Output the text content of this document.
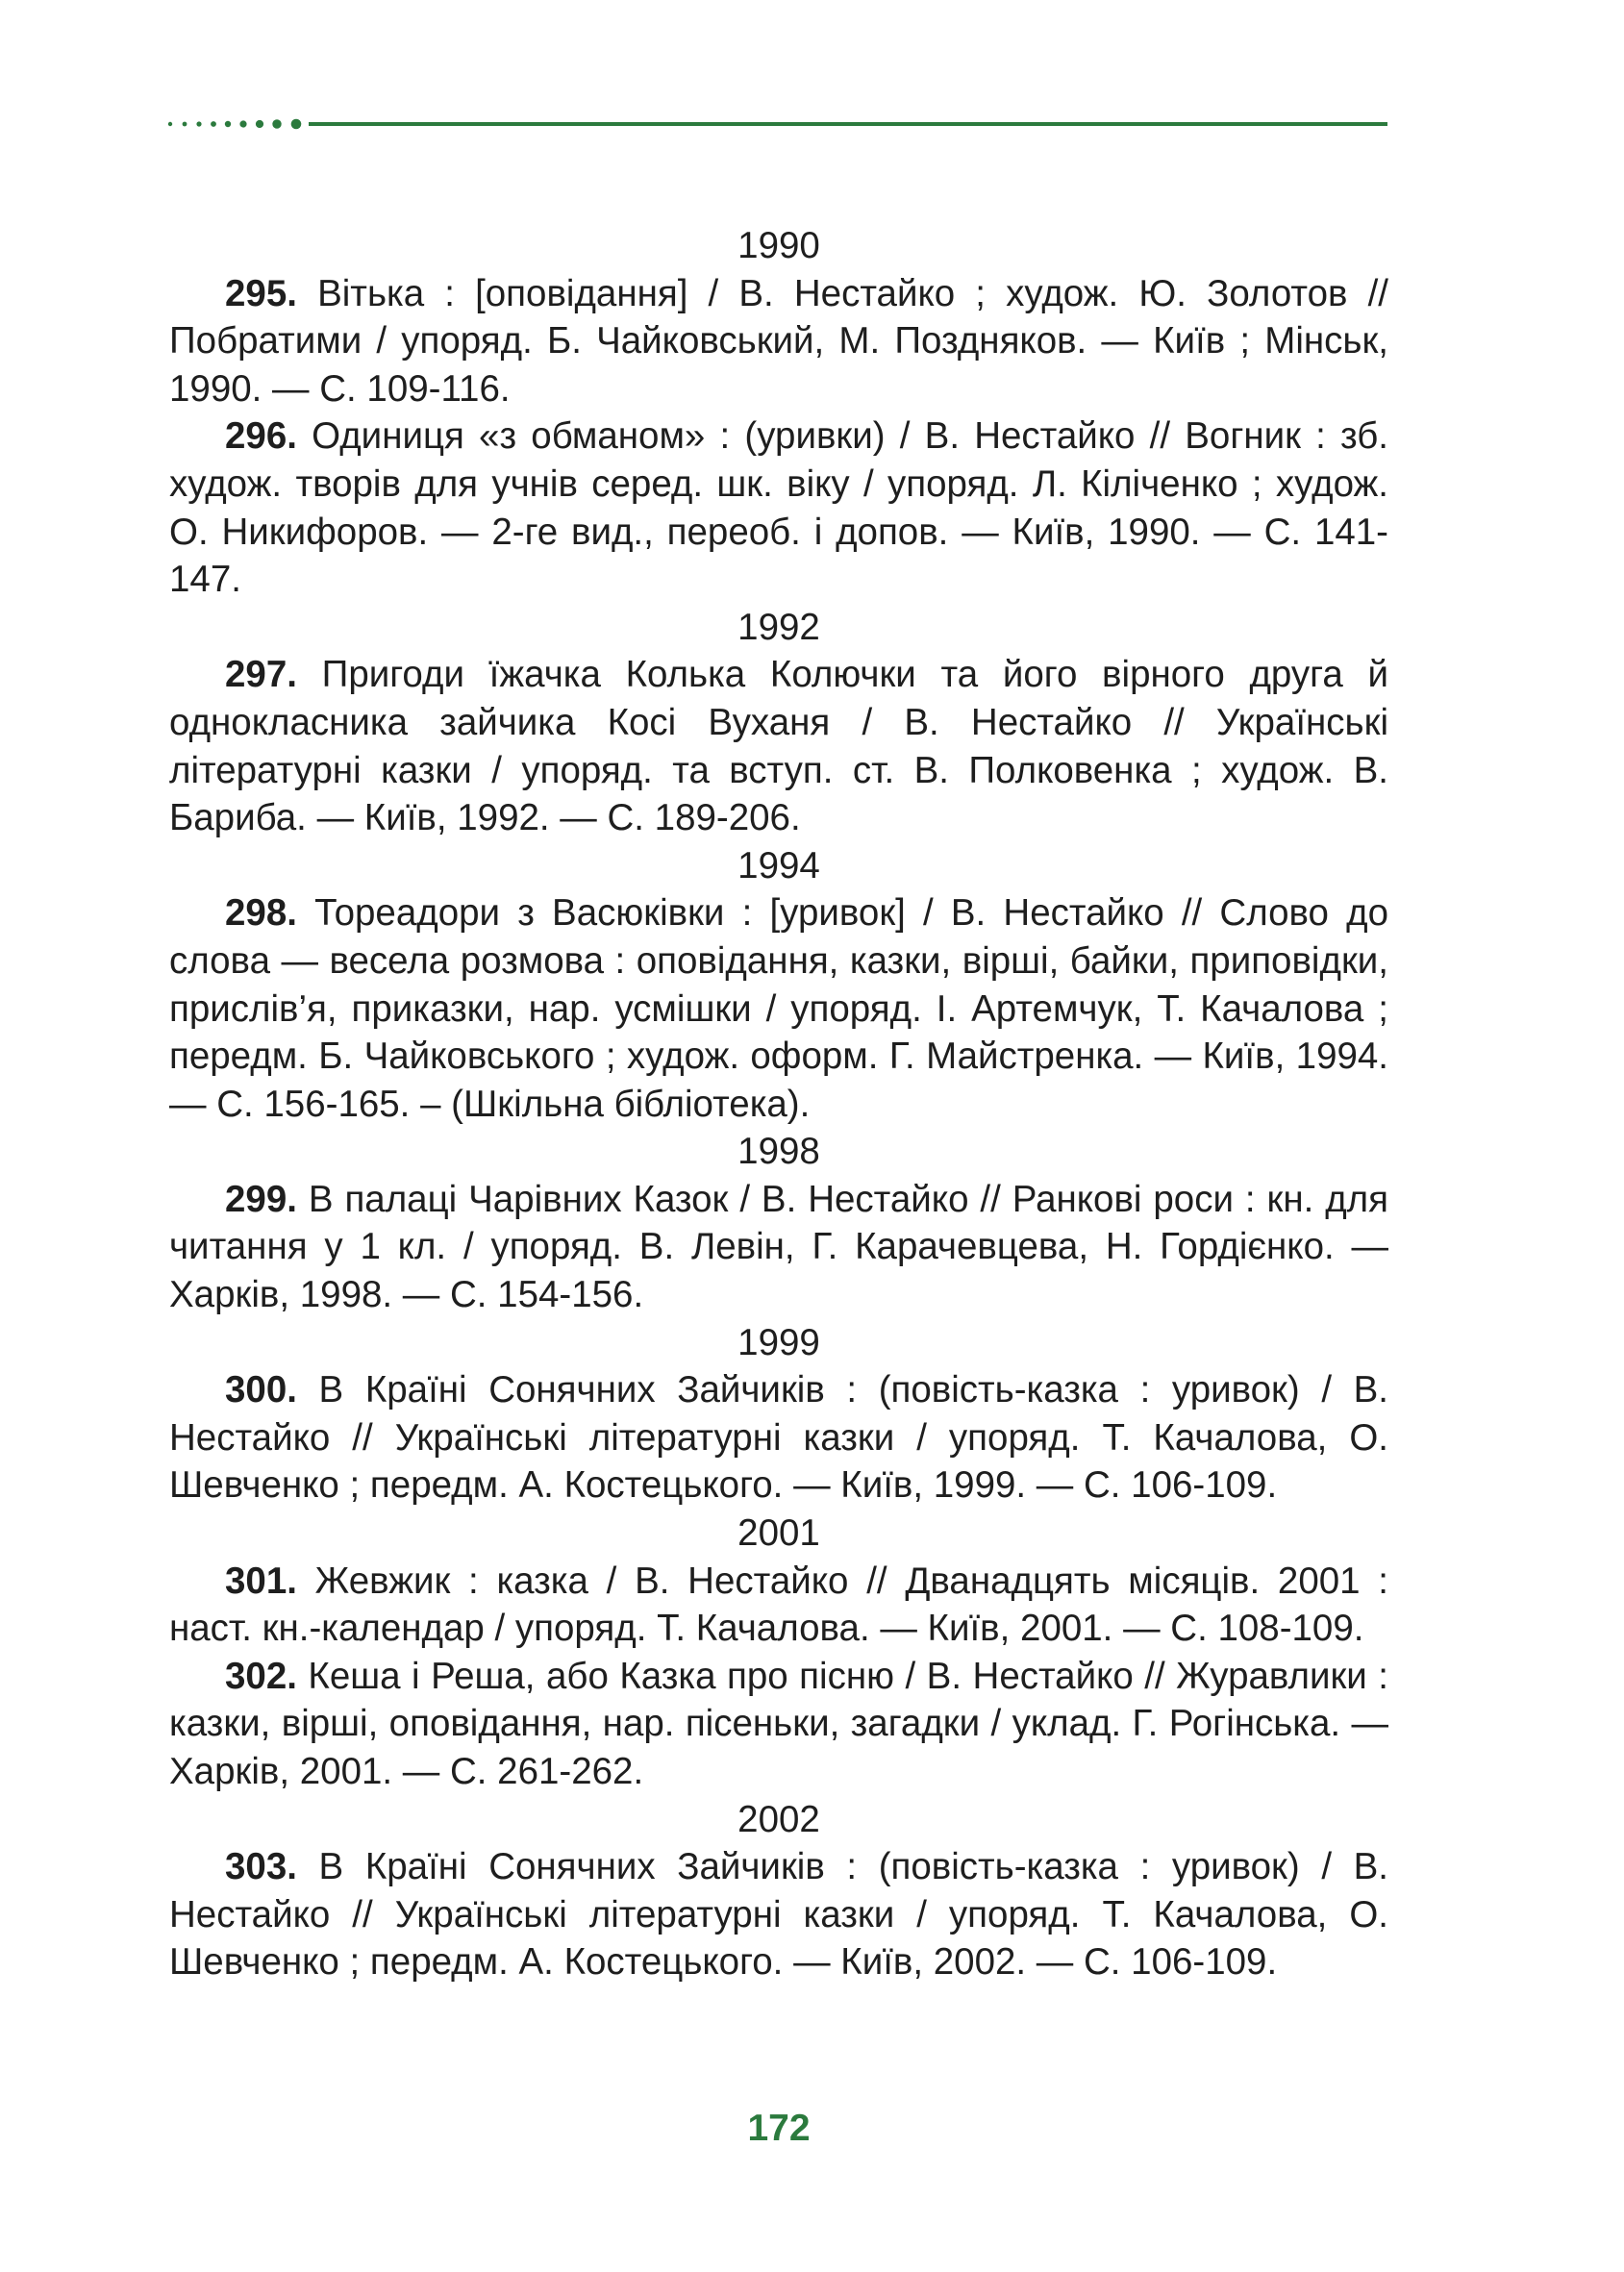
1990

295. Вітька : [оповідання] / В. Нестайко ; худож. Ю. Золотов // Побратими / упоряд. Б. Чайковський, М. Поздняков. — Київ ; Мінськ, 1990. — С. 109-116.

296. Одиниця «з обманом» : (уривки) / В. Нестайко // Вогник : зб. худож. творів для учнів серед. шк. віку / упоряд. Л. Кіліченко ; худож. О. Никифоров. — 2-ге вид., переоб. і допов. — Київ, 1990. — С. 141-147.

1992

297. Пригоди їжачка Колька Колючки та його вірного друга й однокласника зайчика Косі Вуханя / В. Нестайко // Українські літературні казки / упоряд. та вступ. ст. В. Полковенка ; худож. В. Бариба. — Київ, 1992. — С. 189-206.

1994

298. Тореадори з Васюківки : [уривок] / В. Нестайко // Слово до слова — весела розмова : оповідання, казки, вірші, байки, приповідки, прислів’я, приказки, нар. усмішки / упоряд. І. Артемчук, Т. Качалова ; передм. Б. Чайковського ; худож. оформ. Г. Майстренка. — Київ, 1994. — С. 156-165. – (Шкільна бібліотека).

1998

299. В палаці Чарівних Казок / В. Нестайко // Ранкові роси : кн. для читання у 1 кл. / упоряд. В. Левін, Г. Карачевцева, Н. Гордієнко. — Харків, 1998. — С. 154-156.

1999

300. В Країні Сонячних Зайчиків : (повість-казка : уривок) / В. Нестайко // Українські літературні казки / упоряд. Т. Качалова, О. Шевченко ; передм. А. Костецького. — Київ, 1999. — С. 106-109.

2001

301. Жевжик : казка / В. Нестайко // Дванадцять місяців. 2001 : наст. кн.-календар / упоряд. Т. Качалова. — Київ, 2001. — С. 108-109.

302. Кеша і Реша, або Казка про пісню / В. Нестайко // Журавлики : казки, вірші, оповідання, нар. пісеньки, загадки / уклад. Г. Рогінська. — Харків, 2001. — С. 261-262.

2002

303. В Країні Сонячних Зайчиків : (повість-казка : уривок) / В. Нестайко // Українські літературні казки / упоряд. Т. Качалова, О. Шевченко ; передм. А. Костецького. — Київ, 2002. — С. 106-109.

172
